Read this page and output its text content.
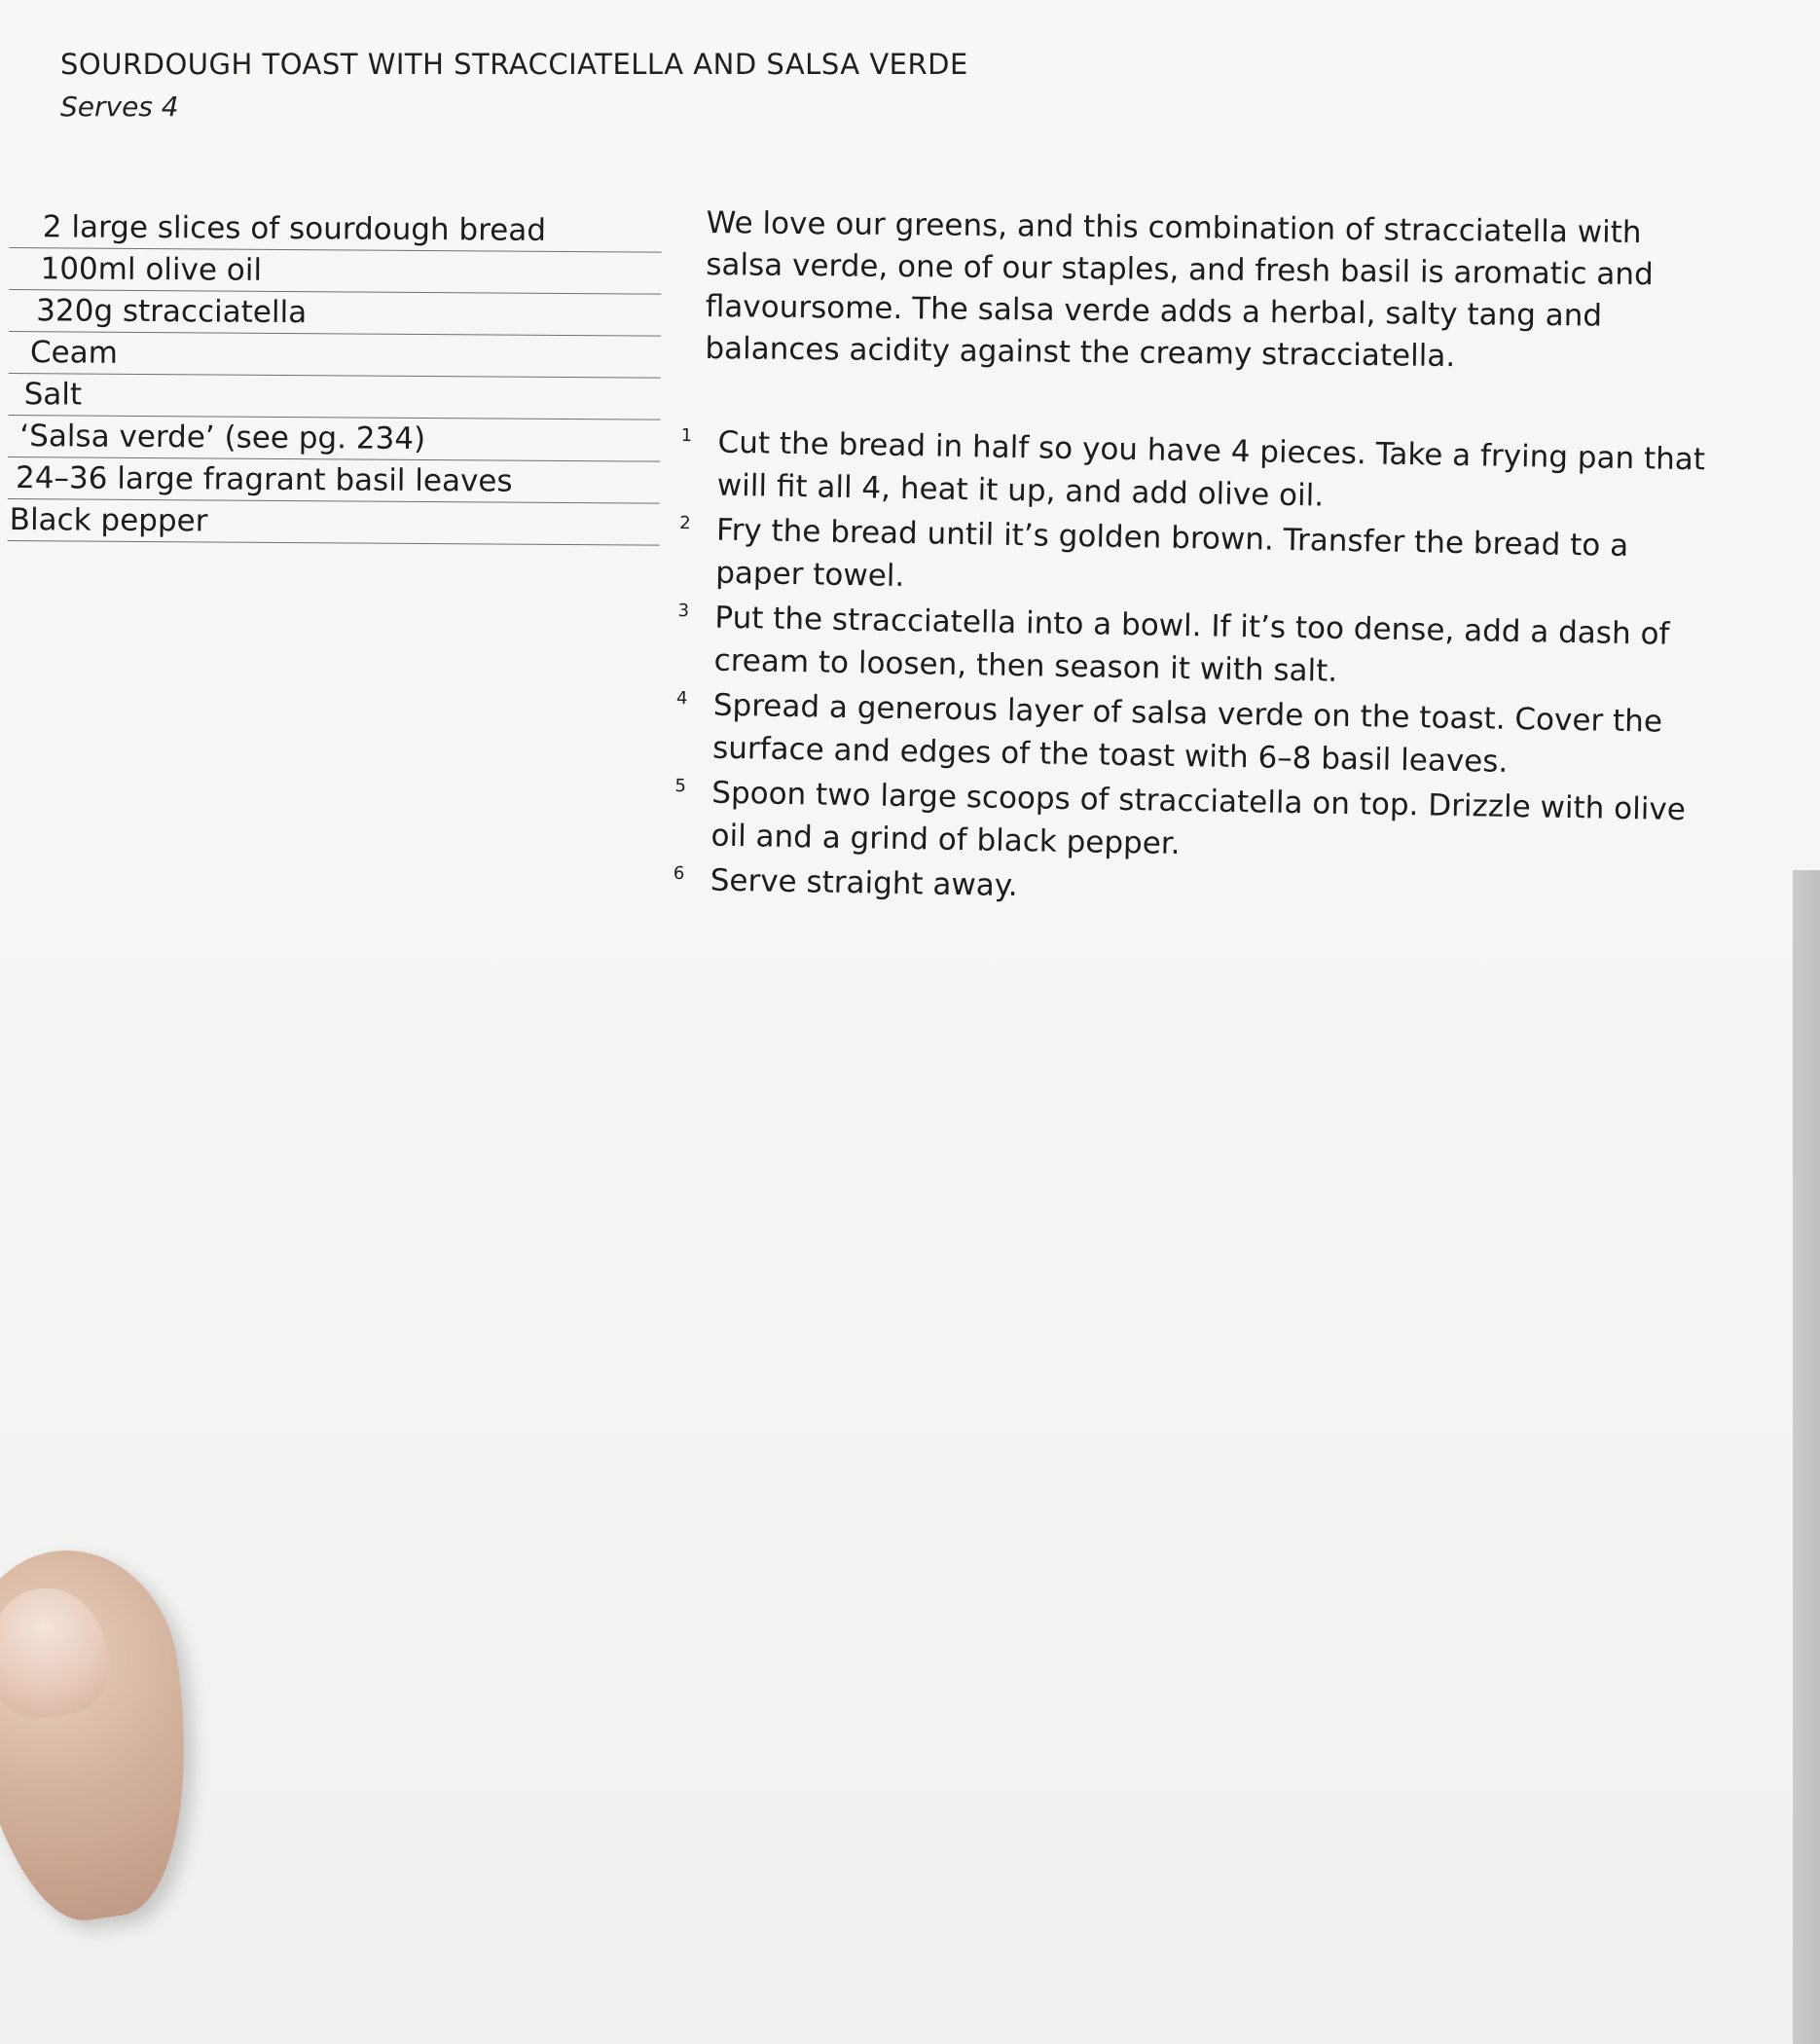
SOURDOUGH TOAST WITH STRACCIATELLA AND SALSA VERDE
Serves 4
2 large slices of sourdough bread
100ml olive oil
320g stracciatella
Ceam
Salt
‘Salsa verde’ (see pg. 234)
24–36 large fragrant basil leaves
Black pepper

We love our greens, and this combination of stracciatella with salsa verde, one of our staples, and fresh basil is aromatic and flavoursome. The salsa verde adds a herbal, salty tang and balances acidity against the creamy stracciatella.

1 Cut the bread in half so you have 4 pieces. Take a frying pan that will fit all 4, heat it up, and add olive oil.
2 Fry the bread until it’s golden brown. Transfer the bread to a paper towel.
3 Put the stracciatella into a bowl. If it’s too dense, add a dash of cream to loosen, then season it with salt.
4 Spread a generous layer of salsa verde on the toast. Cover the surface and edges of the toast with 6–8 basil leaves.
5 Spoon two large scoops of stracciatella on top. Drizzle with olive oil and a grind of black pepper.
6 Serve straight away.
